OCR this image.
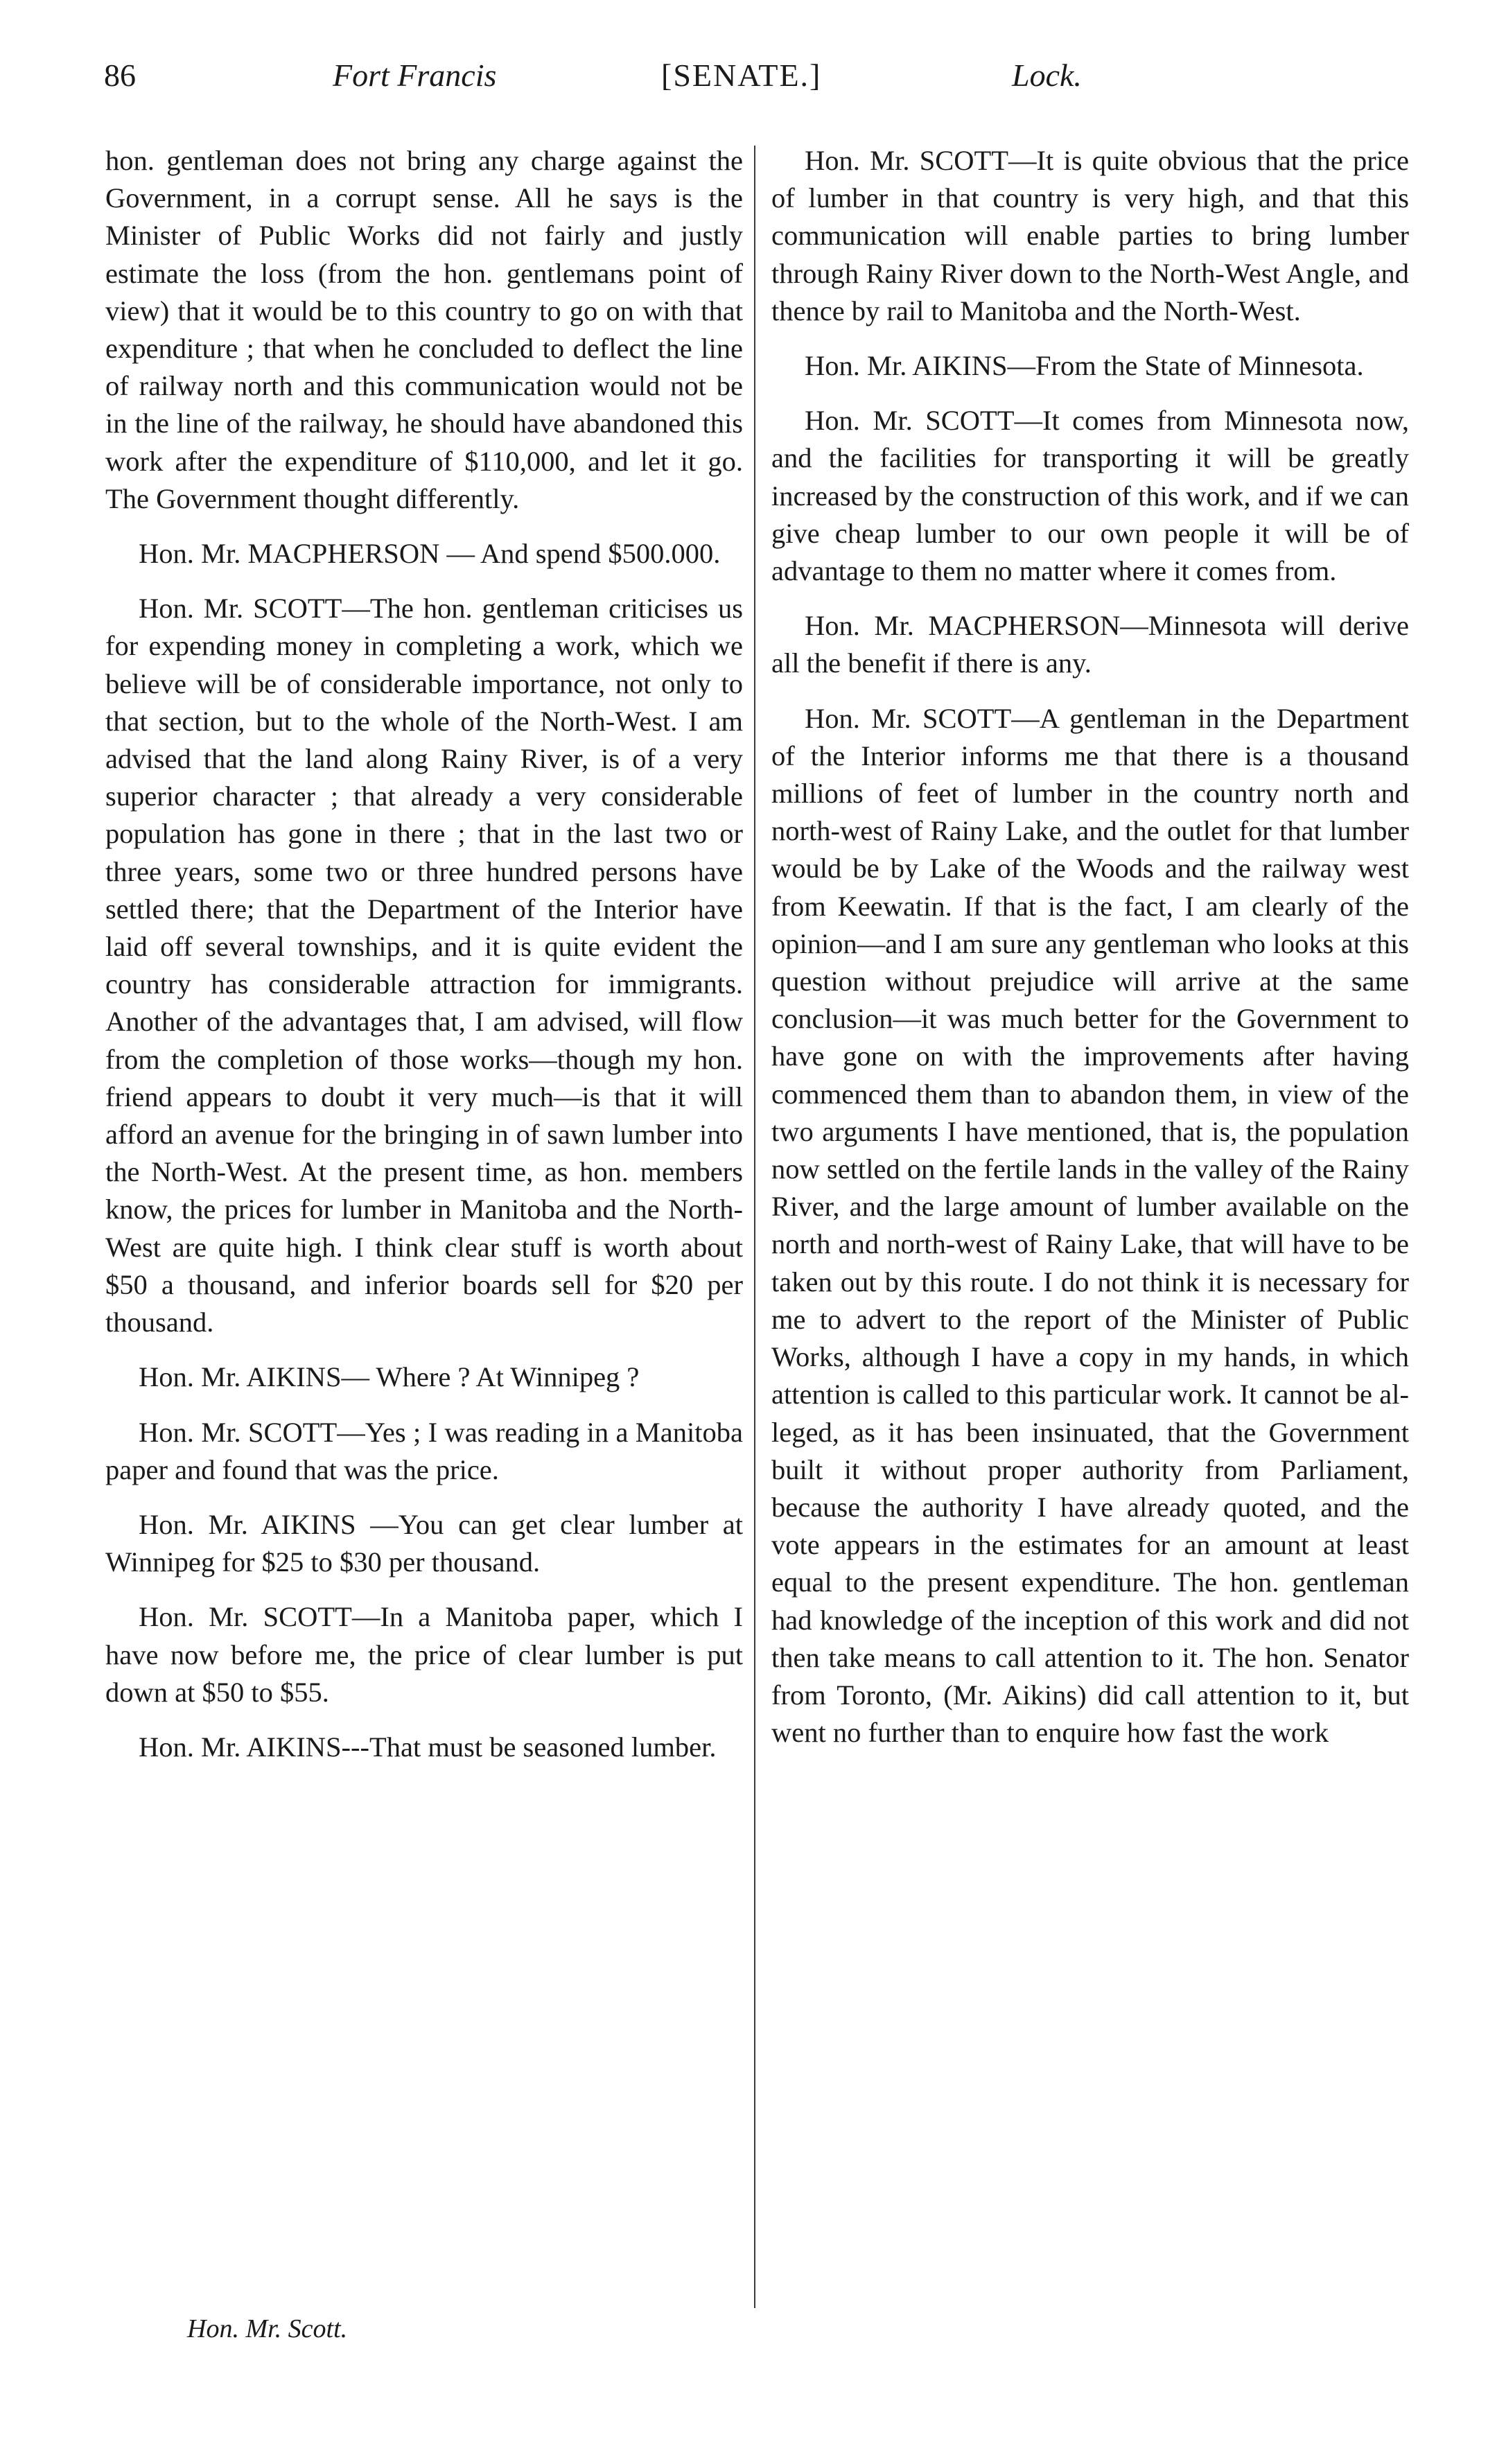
86	Fort Francis	[SENATE.]	Lock.

hon. gentleman does not bring any charge against the Government, in a corrupt sense. All he says is the Minister of Public Works did not fairly and justly estimate the loss (from the hon. gentlemans point of view) that it would be to this country to go on with that expenditure ; that when he concluded to deflect the line of railway north and this communication would not be in the line of the railway, he should have abandoned this work after the expenditure of $110,000, and let it go. The Government thought differently.

Hon. Mr. MACPHERSON — And spend $500.000.

Hon. Mr. SCOTT—The hon. gentleman criticises us for expending money in completing a work, which we believe will be of considerable importance, not only to that section, but to the whole of the North-West. I am advised that the land along Rainy River, is of a very superior character ; that already a very considerable population has gone in there ; that in the last two or three years, some two or three hundred persons have settled there; that the Department of the Interior have laid off several townships, and it is quite evident the country has considerable attraction for immigrants. Another of the advantages that, I am advised, will flow from the completion of those works—though my hon. friend appears to doubt it very much—is that it will afford an avenue for the bringing in of sawn lumber into the North-West. At the present time, as hon. members know, the prices for lumber in Manitoba and the North-West are quite high. I think clear stuff is worth about $50 a thousand, and inferior boards sell for $20 per thousand.

Hon. Mr. AIKINS— Where ? At Winnipeg ?

Hon. Mr. SCOTT—Yes ; I was reading in a Manitoba paper and found that was the price.

Hon. Mr. AIKINS —You can get clear lumber at Winnipeg for $25 to $30 per thousand.

Hon. Mr. SCOTT—In a Manitoba paper, which I have now before me, the price of clear lumber is put down at $50 to $55.

Hon. Mr. AIKINS---That must be seasoned lumber.

Hon. Mr. SCOTT—It is quite obvious that the price of lumber in that country is very high, and that this communication will enable parties to bring lumber through Rainy River down to the North-West Angle, and thence by rail to Manitoba and the North-West.

Hon. Mr. AIKINS—From the State of Minnesota.

Hon. Mr. SCOTT—It comes from Minnesota now, and the facilities for transporting it will be greatly increased by the construction of this work, and if we can give cheap lumber to our own people it will be of advantage to them no matter where it comes from.

Hon. Mr. MACPHERSON—Minnesota will derive all the benefit if there is any.

Hon. Mr. SCOTT—A gentleman in the Department of the Interior informs me that there is a thousand millions of feet of lumber in the country north and north-west of Rainy Lake, and the outlet for that lumber would be by Lake of the Woods and the railway west from Keewatin. If that is the fact, I am clearly of the opinion—and I am sure any gentleman who looks at this question without prejudice will arrive at the same conclusion—it was much better for the Government to have gone on with the improvements after having commenced them than to abandon them, in view of the two arguments I have mentioned, that is, the population now settled on the fertile lands in the valley of the Rainy River, and the large amount of lumber available on the north and north-west of Rainy Lake, that will have to be taken out by this route. I do not think it is necessary for me to advert to the report of the Minister of Public Works, although I have a copy in my hands, in which attention is called to this particular work. It cannot be alleged, as it has been insinuated, that the Government built it without proper authority from Parliament, because the authority I have already quoted, and the vote appears in the estimates for an amount at least equal to the present expenditure. The hon. gentleman had knowledge of the inception of this work and did not then take means to call attention to it. The hon. Senator from Toronto, (Mr. Aikins) did call attention to it, but went no further than to enquire how fast the work

Hon. Mr. Scott.
